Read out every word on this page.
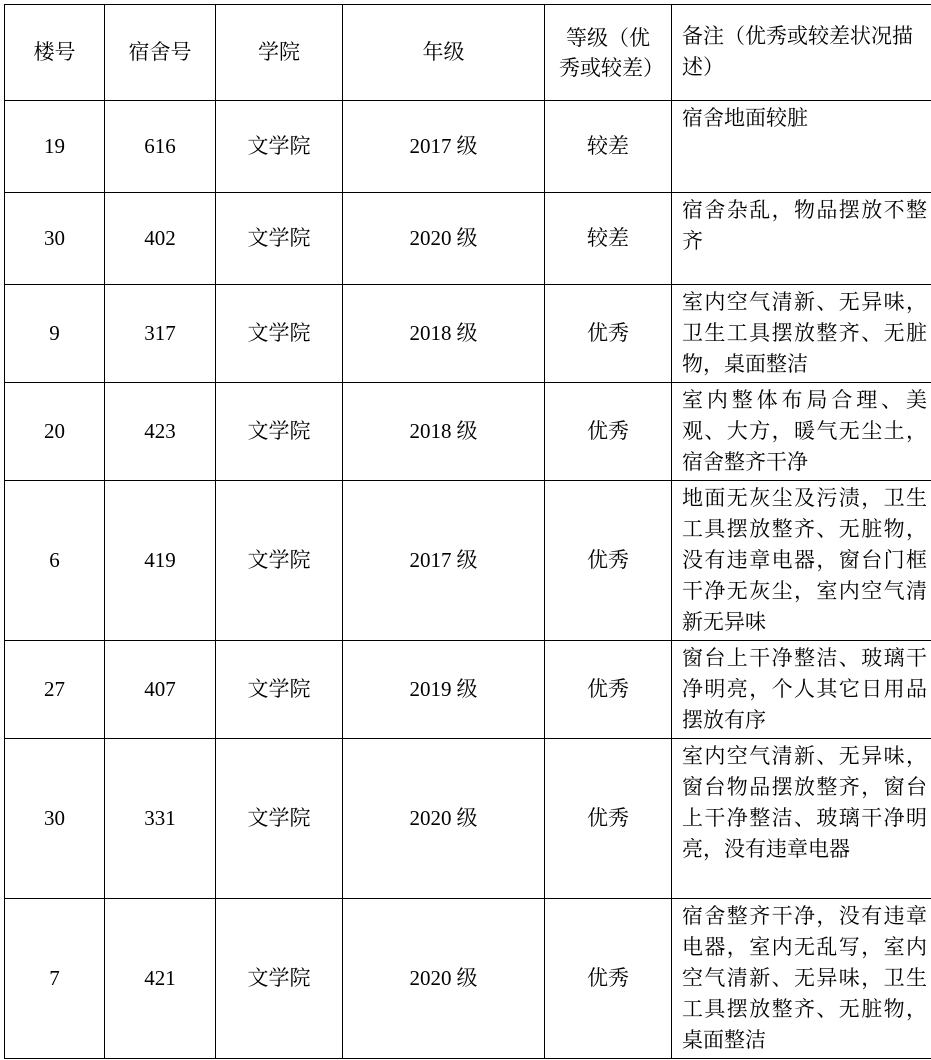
楼号	宿舍号	学院	年级	等级（优秀或较差）	备注（优秀或较差状况描述）
19	616	文学院	2017 级	较差	宿舍地面较脏
30	402	文学院	2020 级	较差	宿舍杂乱，物品摆放不整齐
9	317	文学院	2018 级	优秀	室内空气清新、无异味，卫生工具摆放整齐、无脏物，桌面整洁
20	423	文学院	2018 级	优秀	室内整体布局合理、美观、大方，暖气无尘土，宿舍整齐干净
6	419	文学院	2017 级	优秀	地面无灰尘及污渍，卫生工具摆放整齐、无脏物，没有违章电器，窗台门框干净无灰尘，室内空气清新无异味
27	407	文学院	2019 级	优秀	窗台上干净整洁、玻璃干净明亮，个人其它日用品摆放有序
30	331	文学院	2020 级	优秀	室内空气清新、无异味，窗台物品摆放整齐，窗台上干净整洁、玻璃干净明亮，没有违章电器
7	421	文学院	2020 级	优秀	宿舍整齐干净，没有违章电器，室内无乱写，室内空气清新、无异味，卫生工具摆放整齐、无脏物，桌面整洁
